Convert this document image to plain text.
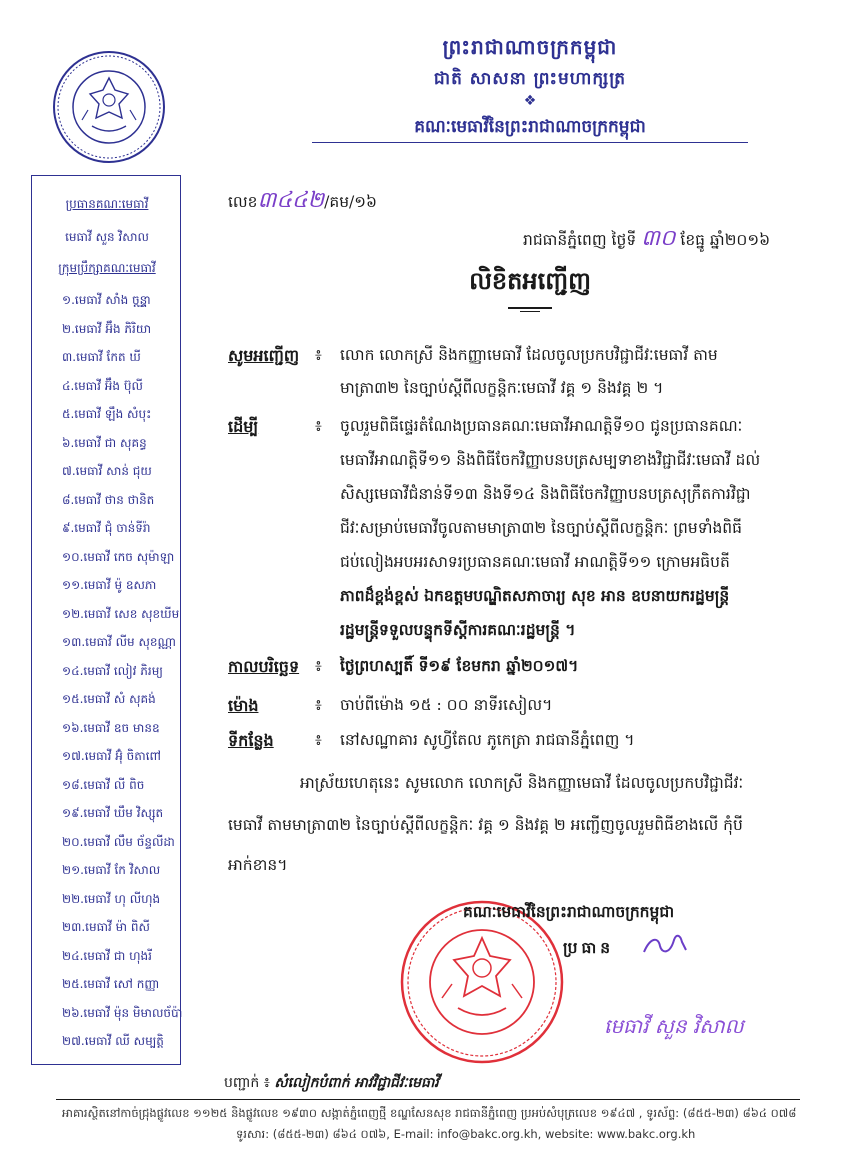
ព្រះរាជាណាចក្រកម្ពុជា
ជាតិ សាសនា ព្រះមហាក្សត្រ
❖
គណៈមេធាវីនៃព្រះរាជាណាចក្រកម្ពុជា
ប្រធានគណៈមេធាវី
មេធាវី សួន វិសាល
ក្រុមប្រឹក្សាគណៈមេធាវី
១.មេធាវី សាំង ចន្ទ្ណា
២.មេធាវី អ៊ឹង ភិរិយា
៣.មេធាវី កែត ឃី
៤.មេធាវី អ៊ឹង ប៊ុលី
៥.មេធាវី ឡឹង សំបុះ
៦.មេធាវី ជា សុគន្ធ
៧.មេធាវី សាន់ ជុយ
៨.មេធាវី ថាន ថានិត
៩.មេធាវី ជុំ ចាន់ទីរ៉ា
១០.មេធាវី កេច សុម៉ាឡា
១១.មេធាវី ម៉ូ ឧសភា
១២.មេធាវី សេខ សុខឃីម
១៣.មេធាវី លីម សុខណ្ណា
១៤.មេធាវី លៀវ ភិរម្យ
១៥.មេធាវី សំ សុគង់
១៦.មេធាវី ឧច មានឧ
១៧.មេធាវី អ៊ុំ ចិតាពៅ
១៨.មេធាវី លី ពិច
១៩.មេធាវី ឃឹម វិស្សុត
២០.មេធាវី លឹម ច័ន្ទលីដា
២១.មេធាវី កែ វិសាល
២២.មេធាវី ហុ លីហុង
២៣.មេធាវី ម៉ា ពិសី
២៤.មេធាវី ជា ហុងរី
២៥.មេធាវី សៅ កញ្ញា
២៦.មេធាវី ម៉ុន មិមាលច័ប៉ា
២៧.មេធាវី ឈី សម្បត្តិ
លេខ៣៤៤២/គម/១៦
រាជធានីភ្នំពេញ ថ្ងៃទី ៣០ ខែធ្នូ ឆ្នាំ២០១៦
លិខិតអញ្ជើញ
សូមអញ្ជើញ ៖ លោក លោកស្រី និងកញ្ញាមេធាវី ដែលចូលប្រកបវិជ្ជាជីវៈមេធាវី តាម
មាត្រា៣២ នៃច្បាប់ស្តីពីលក្ខន្តិកៈមេធាវី វគ្គ ១ និងវគ្គ ២ ។
ដើម្បី	៖ ចូលរួមពិធីផ្ទេរតំណែងប្រធានគណៈមេធាវីអាណត្តិទី១០ ជូនប្រធានគណៈ
មេធាវីអាណត្តិទី១១ និងពិធីចែកវិញ្ញាបនបត្រសម្បទាខាងវិជ្ជាជីវៈមេធាវី ដល់
សិស្សមេធាវីជំនាន់ទី១៣ និងទី១៤ និងពិធីចែកវិញ្ញាបនបត្រសុក្រឹតការវិជ្ជា
ជីវៈសម្រាប់មេធាវីចូលតាមមាត្រា៣២ នៃច្បាប់ស្តីពីលក្ខន្តិកៈ ព្រមទាំងពិធី
ជប់លៀងអបអរសាទរប្រធានគណៈមេធាវី អាណត្តិទី១១ ក្រោមអធិបតី
ភាពដ៏ខ្ពង់ខ្ពស់ ឯកឧត្តមបណ្ឌិតសភាចារ្យ សុខ អាន ឧបនាយករដ្ឋមន្ត្រី
រដ្ឋមន្ត្រីទទួលបន្ទុកទីស្តីការគណៈរដ្ឋមន្ត្រី ។
កាលបរិច្ឆេទ ៖ ថ្ងៃព្រហស្បតិ៍ ទី១៩ ខែមករា ឆ្នាំ២០១៧។
ម៉ោង	៖ ចាប់ពីម៉ោង ១៥ : ០០ នាទីរសៀល។
ទីកន្លែង	៖ នៅសណ្ឋាគារ សូហ្វីតែល ភូកេត្រា រាជធានីភ្នំពេញ ។
អាស្រ័យហេតុនេះ សូមលោក លោកស្រី និងកញ្ញាមេធាវី ដែលចូលប្រកបវិជ្ជាជីវៈ
មេធាវី តាមមាត្រា៣២ នៃច្បាប់ស្តីពីលក្ខន្តិកៈ វគ្គ ១ និងវគ្គ ២ អញ្ជើញចូលរួមពិធីខាងលើ កុំបី
អាក់ខាន។
គណៈមេធាវីនៃព្រះរាជាណាចក្រកម្ពុជា
ប្រធាន
មេធាវី សួន វិសាល
បញ្ជាក់ ៖ សំលៀកបំពាក់ អាវវិជ្ជាជីវៈមេធាវី
អាគារស្ថិតនៅកាច់ជ្រុងផ្លូវលេខ ១១២៥ និងផ្លូវលេខ ១៩៣០ សង្កាត់ភ្នំពេញថ្មី ខណ្ឌសែនសុខ រាជធានីភ្នំពេញ ប្រអប់សំបុត្រលេខ ១៩៤៧ , ទូរស័ព្ទ: (៨៥៥-២៣) ៨៦៤ ០៧៨
ទូរសារ: (៨៥៥-២៣) ៨៦៤ ០៧៦, E-mail: info@bakc.org.kh, website: www.bakc.org.kh
